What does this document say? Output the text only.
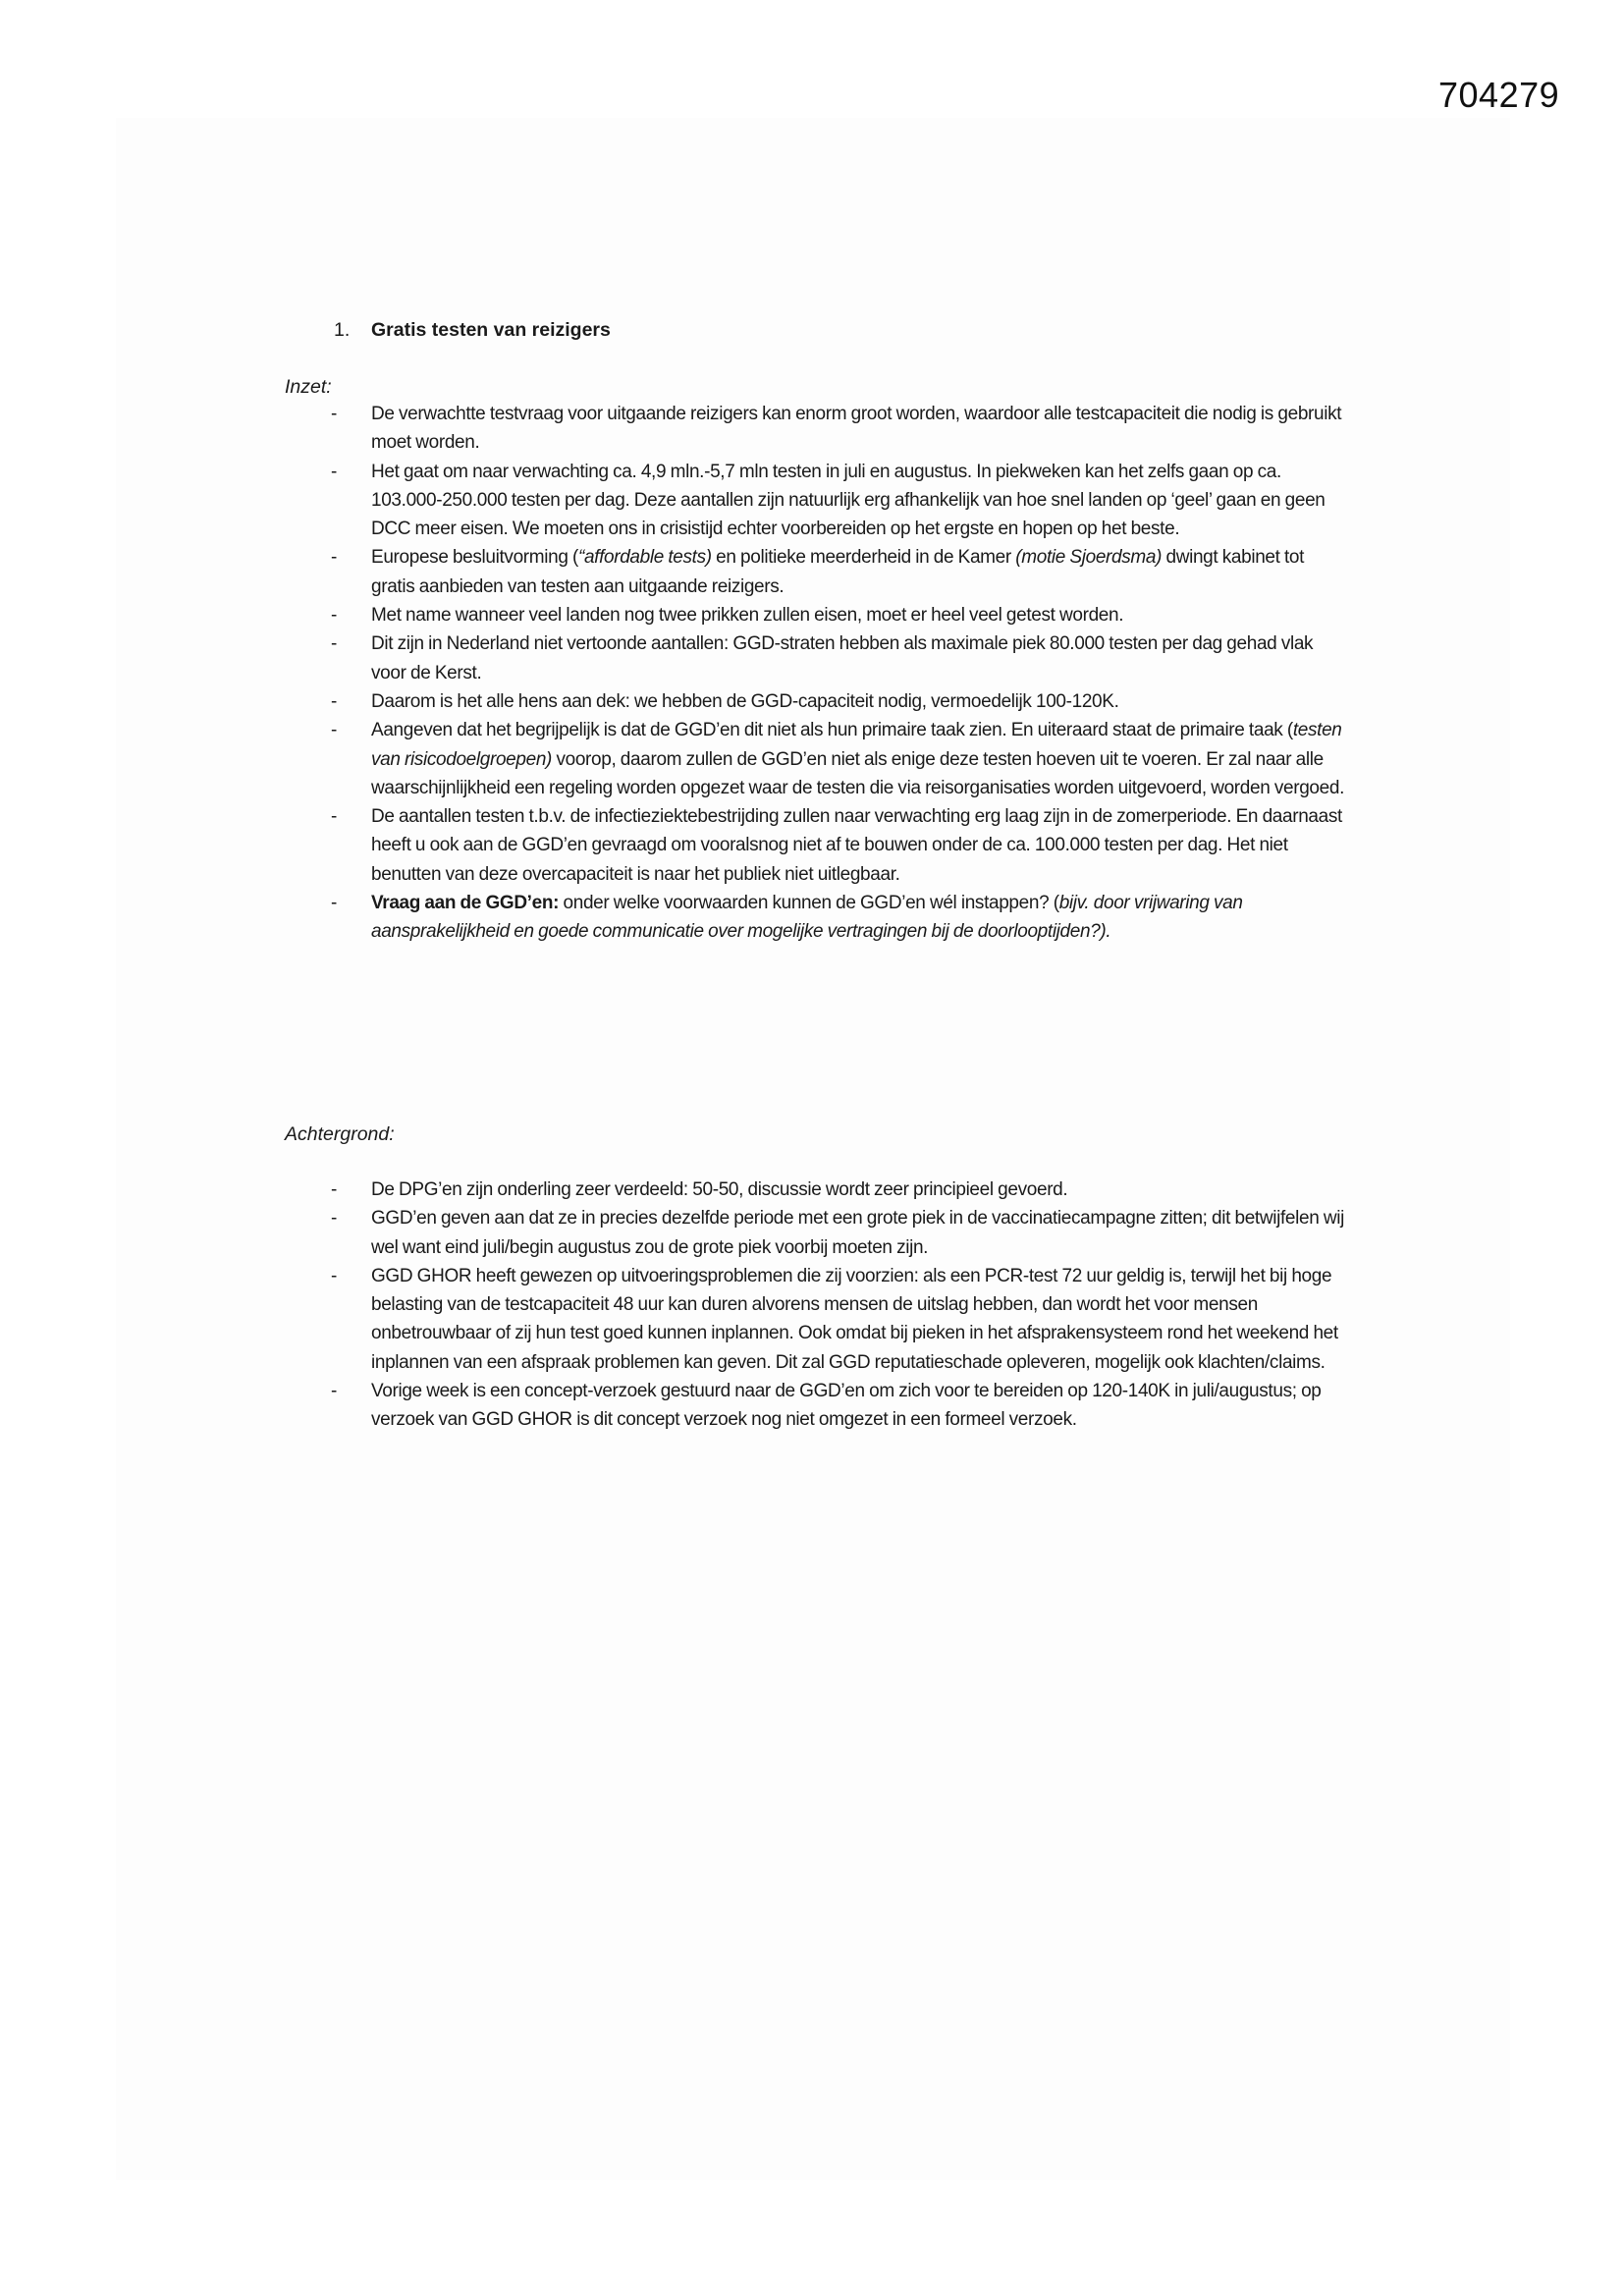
704279
1. Gratis testen van reizigers
Inzet:
- De verwachtte testvraag voor uitgaande reizigers kan enorm groot worden, waardoor alle testcapaciteit die nodig is gebruikt moet worden.
- Het gaat om naar verwachting ca. 4,9 mln.-5,7 mln testen in juli en augustus. In piekweken kan het zelfs gaan op ca. 103.000-250.000 testen per dag. Deze aantallen zijn natuurlijk erg afhankelijk van hoe snel landen op ‘geel’ gaan en geen DCC meer eisen. We moeten ons in crisistijd echter voorbereiden op het ergste en hopen op het beste.
- Europese besluitvorming (“affordable tests) en politieke meerderheid in de Kamer (motie Sjoerdsma) dwingt kabinet tot gratis aanbieden van testen aan uitgaande reizigers.
- Met name wanneer veel landen nog twee prikken zullen eisen, moet er heel veel getest worden.
- Dit zijn in Nederland niet vertoonde aantallen: GGD-straten hebben als maximale piek 80.000 testen per dag gehad vlak voor de Kerst.
- Daarom is het alle hens aan dek: we hebben de GGD-capaciteit nodig, vermoedelijk 100-120K.
- Aangeven dat het begrijpelijk is dat de GGD’en dit niet als hun primaire taak zien. En uiteraard staat de primaire taak (testen van risicodoelgroepen) voorop, daarom zullen de GGD’en niet als enige deze testen hoeven uit te voeren. Er zal naar alle waarschijnlijkheid een regeling worden opgezet waar de testen die via reisorganisaties worden uitgevoerd, worden vergoed.
- De aantallen testen t.b.v. de infectieziektebestrijding zullen naar verwachting erg laag zijn in de zomerperiode. En daarnaast heeft u ook aan de GGD’en gevraagd om vooralsnog niet af te bouwen onder de ca. 100.000 testen per dag. Het niet benutten van deze overcapaciteit is naar het publiek niet uitlegbaar.
- Vraag aan de GGD’en: onder welke voorwaarden kunnen de GGD’en wél instappen? (bijv. door vrijwaring van aansprakelijkheid en goede communicatie over mogelijke vertragingen bij de doorlooptijden?).
Achtergrond:
- De DPG’en zijn onderling zeer verdeeld: 50-50, discussie wordt zeer principieel gevoerd.
- GGD’en geven aan dat ze in precies dezelfde periode met een grote piek in de vaccinatiecampagne zitten; dit betwijfelen wij wel want eind juli/begin augustus zou de grote piek voorbij moeten zijn.
- GGD GHOR heeft gewezen op uitvoeringsproblemen die zij voorzien: als een PCR-test 72 uur geldig is, terwijl het bij hoge belasting van de testcapaciteit 48 uur kan duren alvorens mensen de uitslag hebben, dan wordt het voor mensen onbetrouwbaar of zij hun test goed kunnen inplannen. Ook omdat bij pieken in het afsprakensysteem rond het weekend het inplannen van een afspraak problemen kan geven. Dit zal GGD reputatieschade opleveren, mogelijk ook klachten/claims.
- Vorige week is een concept-verzoek gestuurd naar de GGD’en om zich voor te bereiden op 120-140K in juli/augustus; op verzoek van GGD GHOR is dit concept verzoek nog niet omgezet in een formeel verzoek.
